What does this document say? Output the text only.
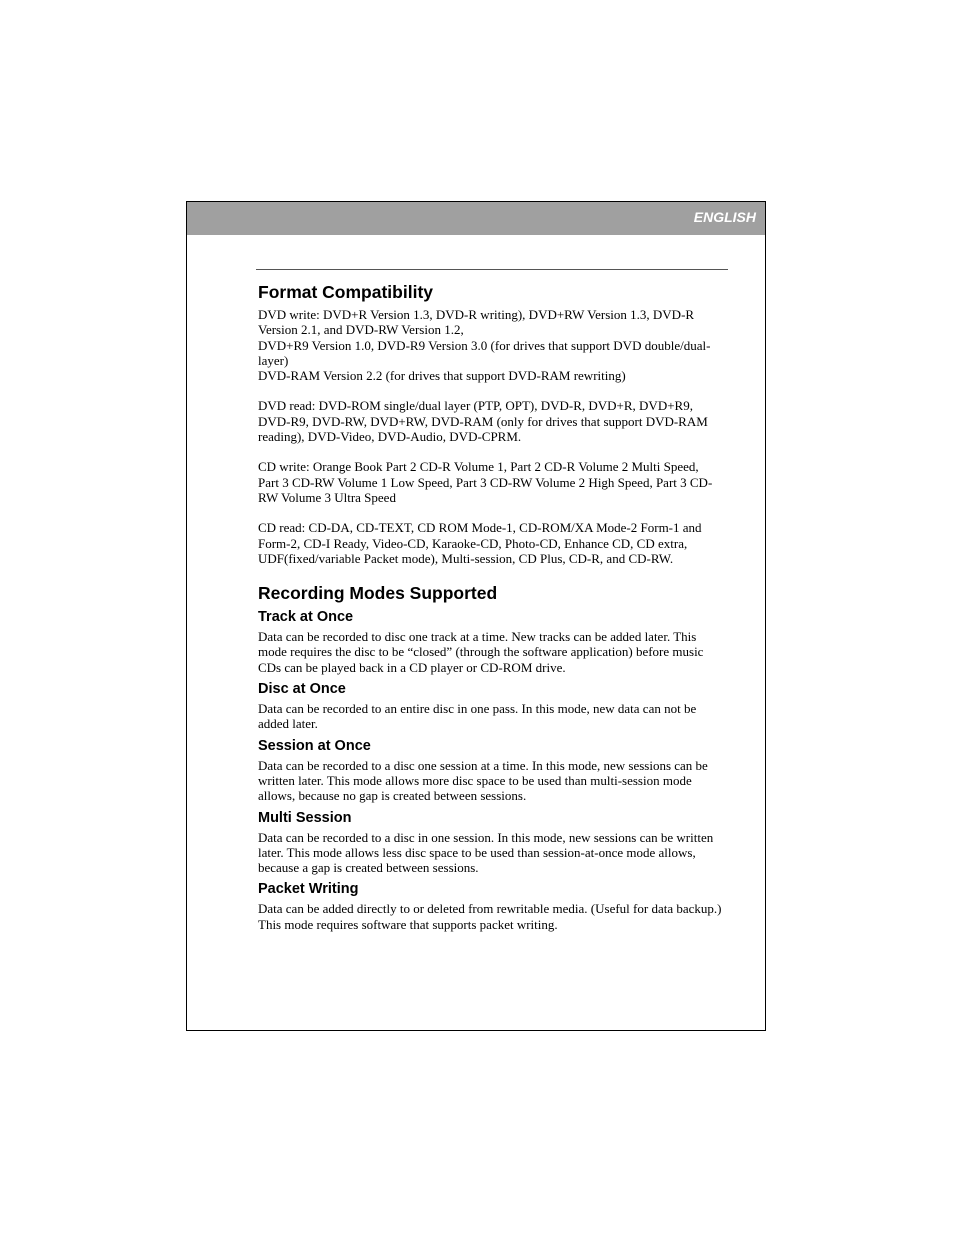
ENGLISH
Format Compatibility

DVD write: DVD+R Version 1.3, DVD-R writing), DVD+RW Version 1.3, DVD-R
Version 2.1, and DVD-RW Version 1.2,
DVD+R9 Version 1.0, DVD-R9 Version 3.0 (for drives that support DVD double/dual-
layer)
DVD-RAM Version 2.2 (for drives that support DVD-RAM rewriting)

DVD read: DVD-ROM single/dual layer (PTP, OPT), DVD-R, DVD+R, DVD+R9,
DVD-R9, DVD-RW, DVD+RW, DVD-RAM (only for drives that support DVD-RAM
reading), DVD-Video, DVD-Audio, DVD-CPRM.

CD write: Orange Book Part 2 CD-R Volume 1, Part 2 CD-R Volume 2 Multi Speed,
Part 3 CD-RW Volume 1 Low Speed, Part 3 CD-RW Volume 2 High Speed, Part 3 CD-
RW Volume 3 Ultra Speed

CD read: CD-DA, CD-TEXT, CD ROM Mode-1, CD-ROM/XA Mode-2 Form-1 and
Form-2, CD-I Ready, Video-CD, Karaoke-CD, Photo-CD, Enhance CD, CD extra,
UDF(fixed/variable Packet mode), Multi-session, CD Plus, CD-R, and CD-RW.

Recording Modes Supported
Track at Once

Data can be recorded to disc one track at a time. New tracks can be added later. This
mode requires the disc to be “closed” (through the software application) before music
CDs can be played back in a CD player or CD-ROM drive.

Disc at Once

Data can be recorded to an entire disc in one pass. In this mode, new data can not be
added later.

Session at Once

Data can be recorded to a disc one session at a time. In this mode, new sessions can be
written later. This mode allows more disc space to be used than multi-session mode
allows, because no gap is created between sessions.

Multi Session

Data can be recorded to a disc in one session. In this mode, new sessions can be written
later. This mode allows less disc space to be used than session-at-once mode allows,
because a gap is created between sessions.

Packet Writing

Data can be added directly to or deleted from rewritable media. (Useful for data backup.)
This mode requires software that supports packet writing.
